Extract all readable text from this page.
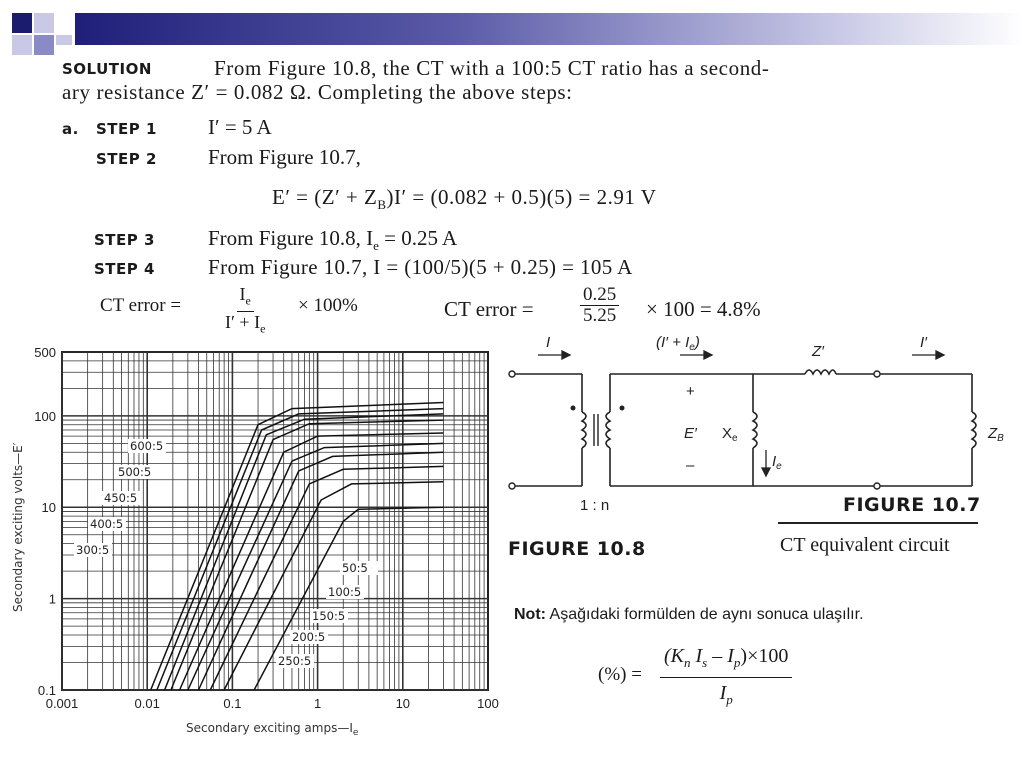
SOLUTION	From Figure 10.8, the CT with a 100:5 CT ratio has a second-
ary resistance Z′ = 0.082 Ω. Completing the above steps:
a. STEP 1 I′ = 5 A
STEP 2 From Figure 10.7,
$E' = (Z' + Z_B)I' = (0.082 + 0.5)(5) = 2.91$ V
STEP 3	From Figure 10.8, $I_e = 0.25$ A
STEP 4	From Figure 10.7, I = (100/5)(5 + 0.25) = 105 A
CT error = $\frac{I_e}{I' + I_e} \times 100\%$	CT error = $\frac{0.25}{5.25} \times 100 = 4.8\%$
600:5
500:5
450:5
400:5
300:5
250:5
200:5
150:5
100:5
50:5
0.001	0.01	0.1	1	10	100
0.1
1
10
100
500
Secondary exciting volts—E′
Secondary exciting $amps—I_e$
I	$(I' + I_e)$
Z′
I′
+
E′ $X_e$
–	$I_e$
$Z_B$
1 : n	FIGURE 10.7
CT equivalent circuit
FIGURE 10.8
Not: Aşağıdaki formülden de aynı sonuca ulaşılır.
(%) = $\frac{(K_n I_s - I_p)\times 100}{I_p}$
